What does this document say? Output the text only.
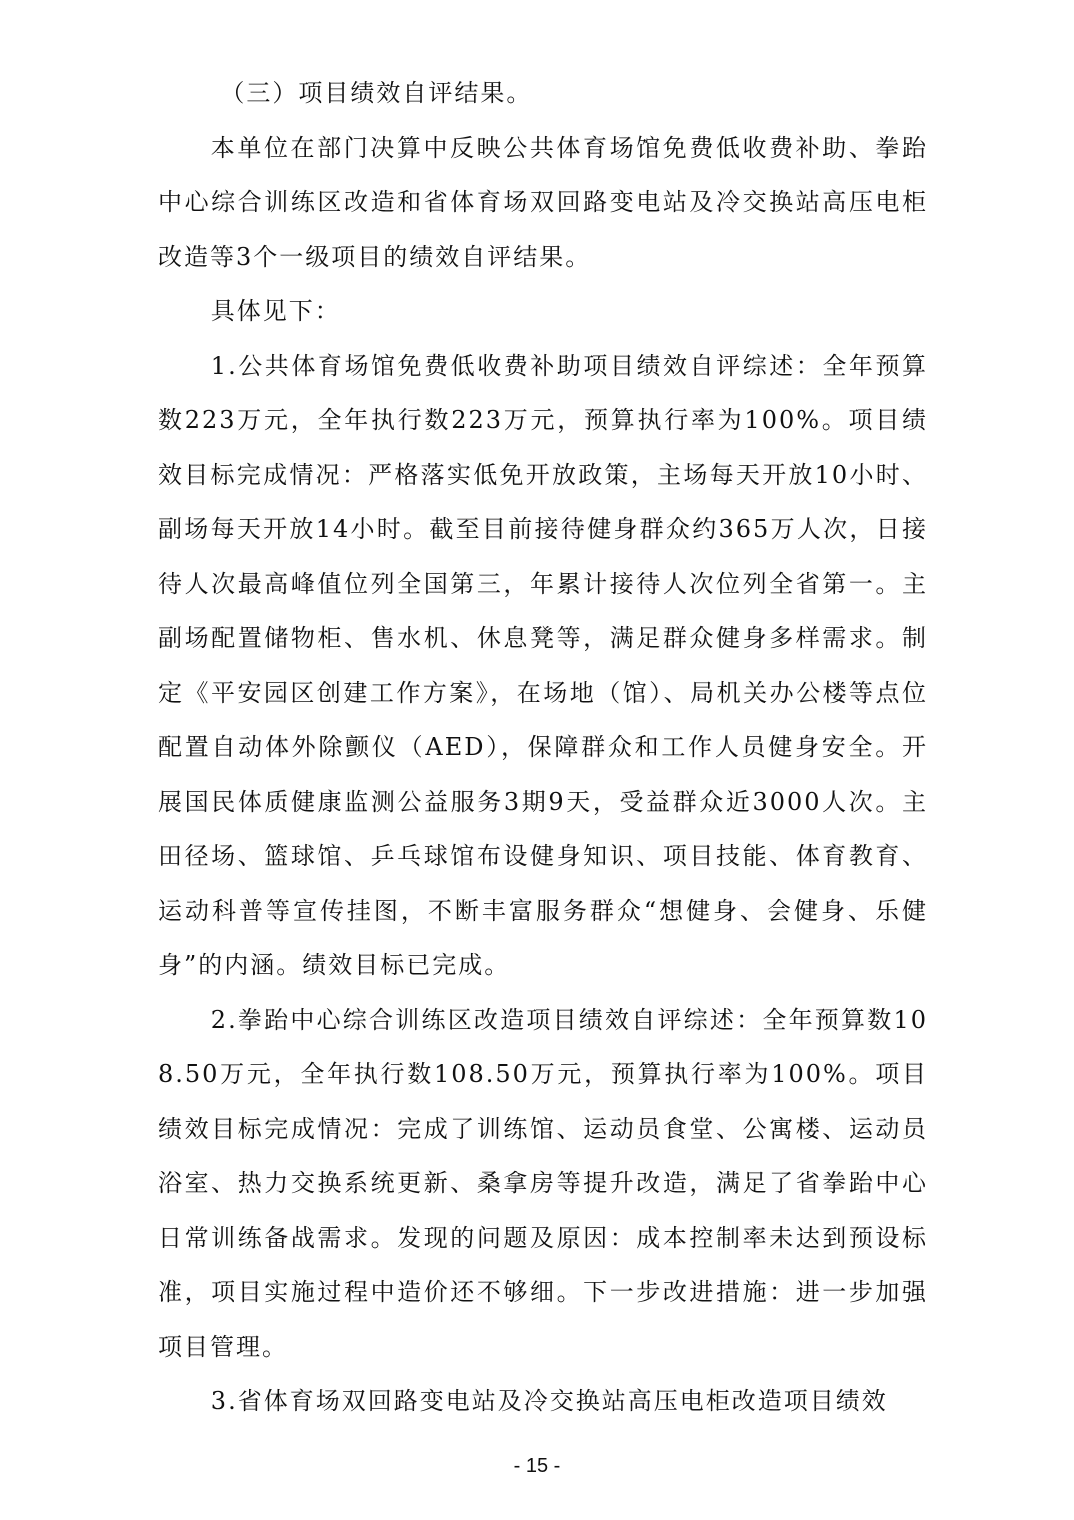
（三）项目绩效自评结果。

本单位在部门决算中反映公共体育场馆免费低收费补助、拳跆中心综合训练区改造和省体育场双回路变电站及冷交换站高压电柜改造等3个一级项目的绩效自评结果。

具体见下：

1.公共体育场馆免费低收费补助项目绩效自评综述：全年预算数223万元，全年执行数223万元，预算执行率为100%。项目绩效目标完成情况：严格落实低免开放政策，主场每天开放10小时、副场每天开放14小时。截至目前接待健身群众约365万人次，日接待人次最高峰值位列全国第三，年累计接待人次位列全省第一。主副场配置储物柜、售水机、休息凳等，满足群众健身多样需求。制定《平安园区创建工作方案》，在场地（馆）、局机关办公楼等点位配置自动体外除颤仪（AED），保障群众和工作人员健身安全。开展国民体质健康监测公益服务3期9天，受益群众近3000人次。主田径场、篮球馆、乒乓球馆布设健身知识、项目技能、体育教育、运动科普等宣传挂图，不断丰富服务群众“想健身、会健身、乐健身”的内涵。绩效目标已完成。

2.拳跆中心综合训练区改造项目绩效自评综述：全年预算数108.50万元，全年执行数108.50万元，预算执行率为100%。项目绩效目标完成情况：完成了训练馆、运动员食堂、公寓楼、运动员浴室、热力交换系统更新、桑拿房等提升改造，满足了省拳跆中心日常训练备战需求。发现的问题及原因：成本控制率未达到预设标准，项目实施过程中造价还不够细。下一步改进措施：进一步加强项目管理。

3.省体育场双回路变电站及冷交换站高压电柜改造项目绩效

- 15 -
